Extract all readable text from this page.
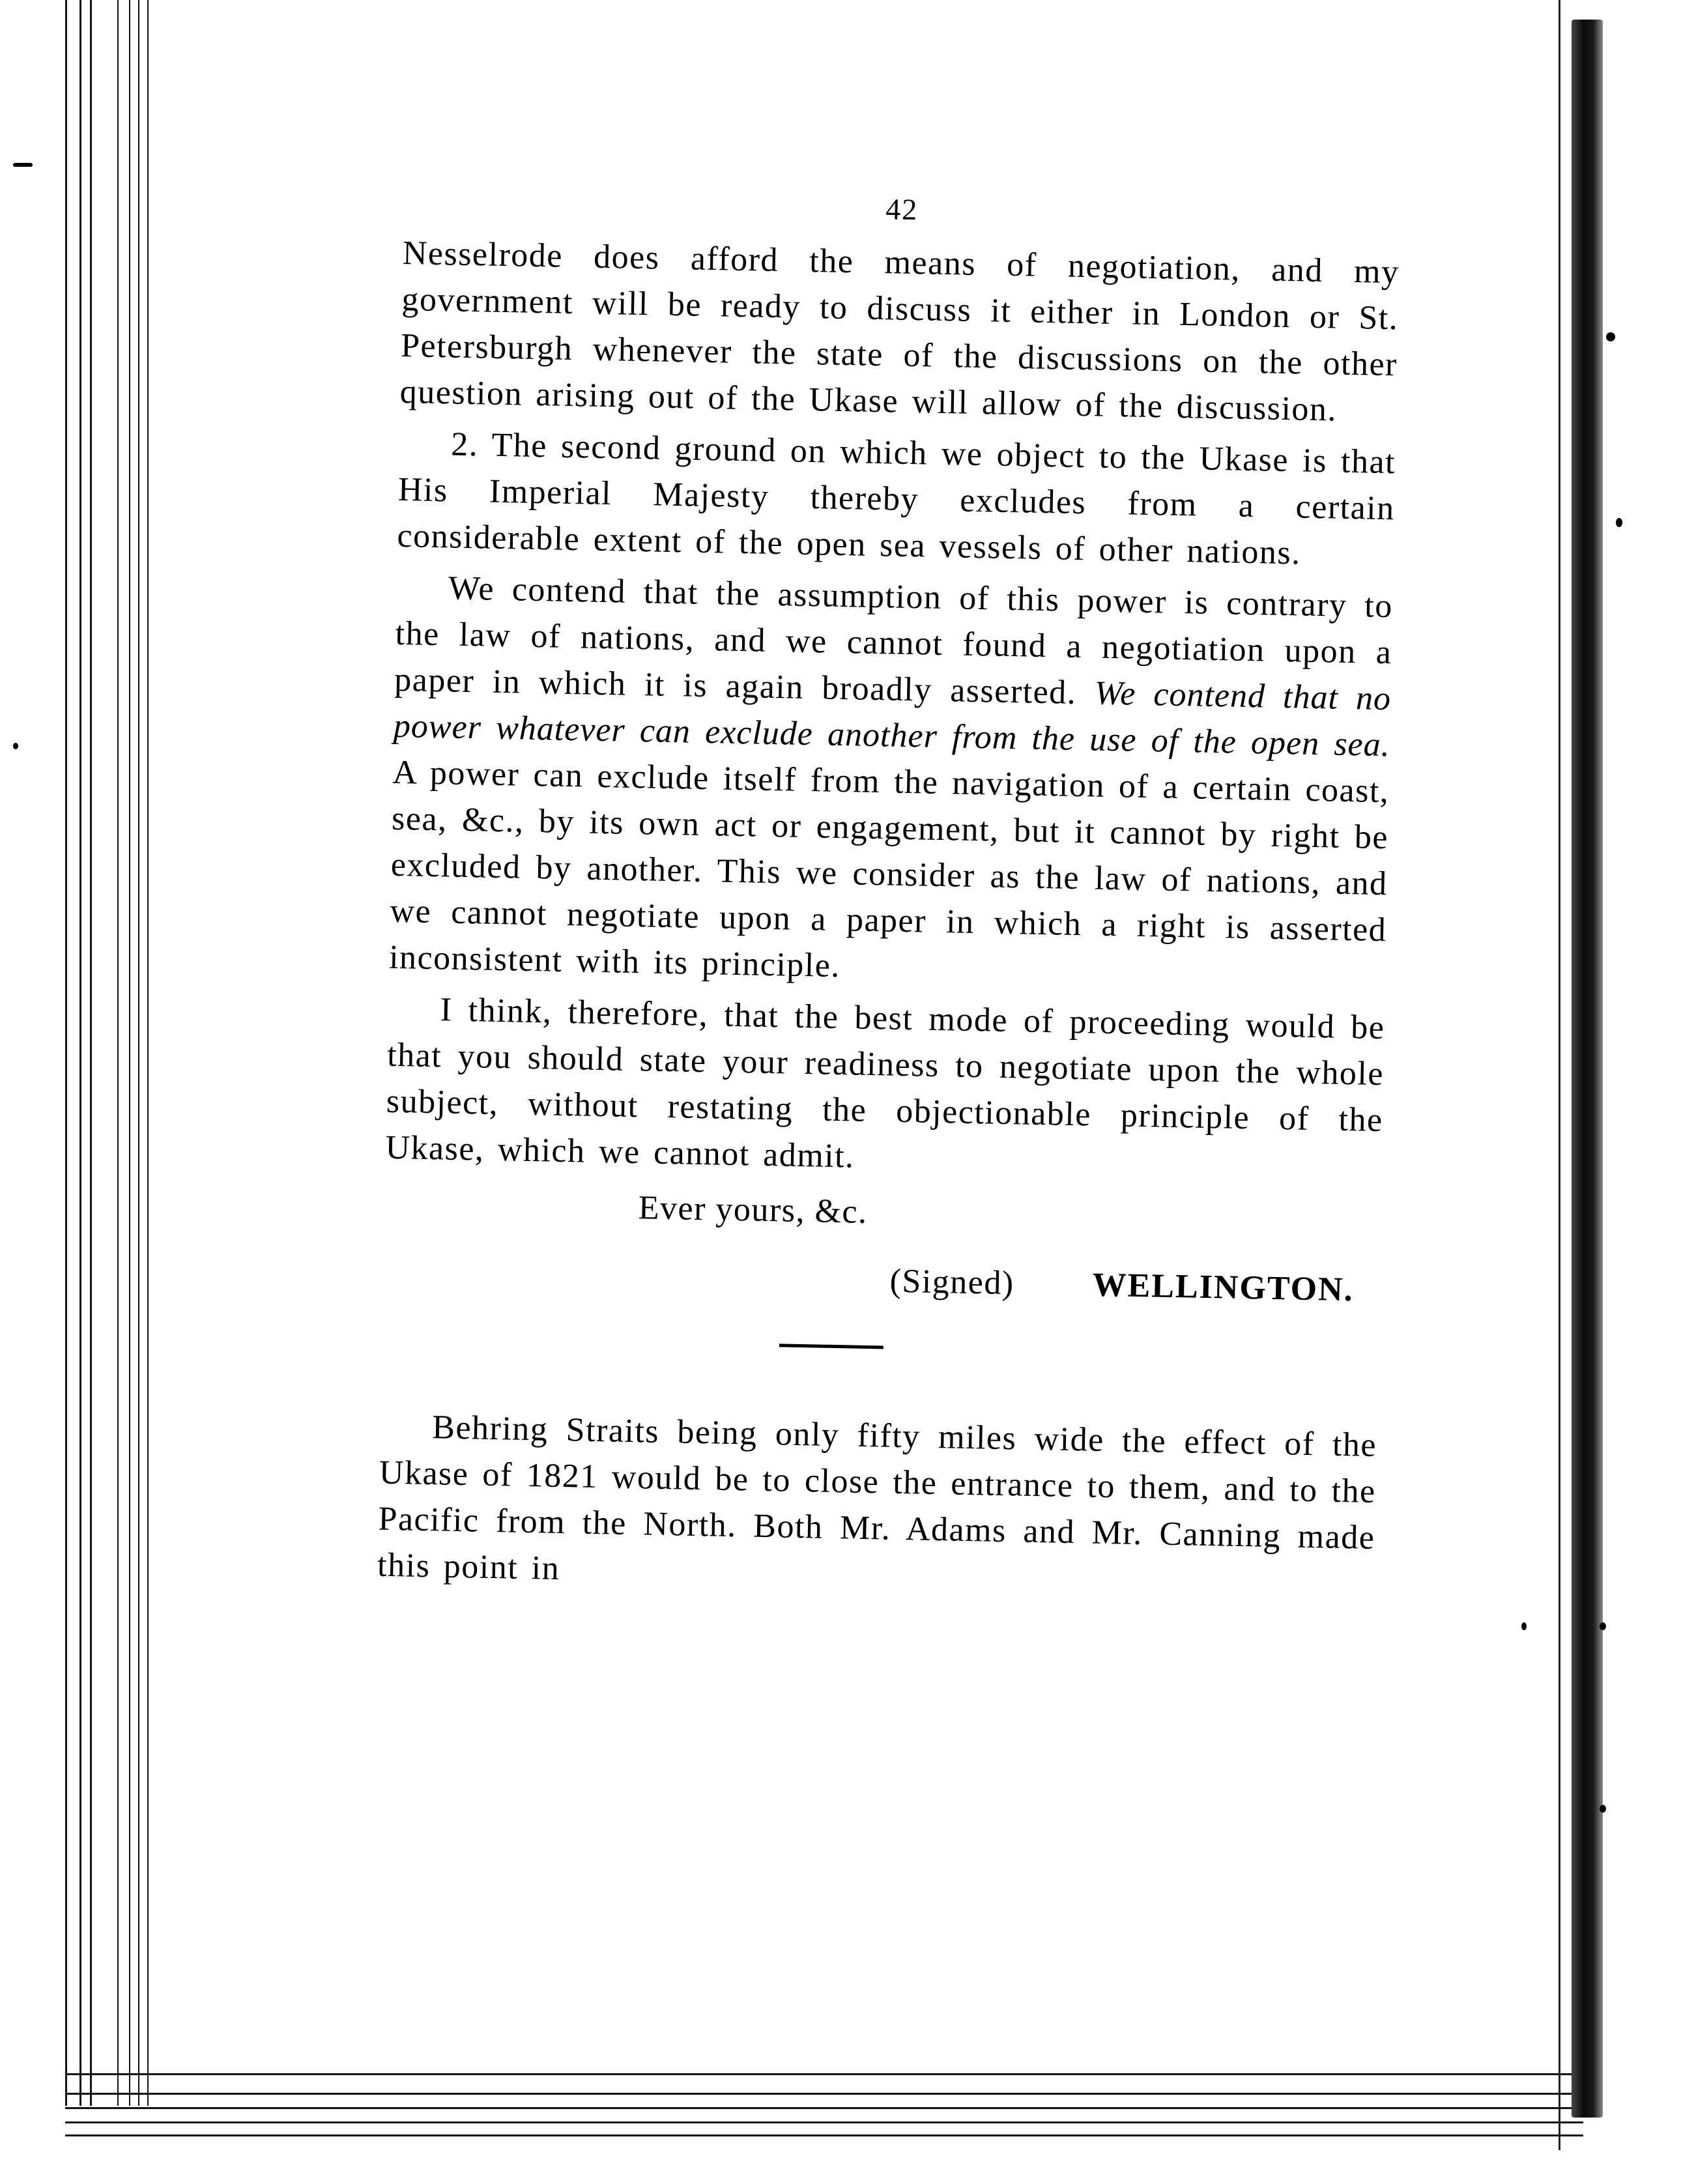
42

Nesselrode does afford the means of negotiation, and my government will be ready to discuss it either in London or St. Petersburgh whenever the state of the discussions on the other question arising out of the Ukase will allow of the discussion.

2. The second ground on which we object to the Ukase is that His Imperial Majesty thereby excludes from a certain considerable extent of the open sea vessels of other nations.

We contend that the assumption of this power is contrary to the law of nations, and we cannot found a negotiation upon a paper in which it is again broadly asserted. We contend that no power whatever can exclude another from the use of the open sea. A power can exclude itself from the navigation of a certain coast, sea, &c., by its own act or engagement, but it cannot by right be excluded by another. This we consider as the law of nations, and we cannot negotiate upon a paper in which a right is asserted inconsistent with its principle.

I think, therefore, that the best mode of proceeding would be that you should state your readiness to negotiate upon the whole subject, without restating the objectionable principle of the Ukase, which we cannot admit.

Ever yours, &c.
(Signed) WELLINGTON.

Behring Straits being only fifty miles wide the effect of the Ukase of 1821 would be to close the entrance to them, and to the Pacific from the North. Both Mr. Adams and Mr. Canning made this point in
